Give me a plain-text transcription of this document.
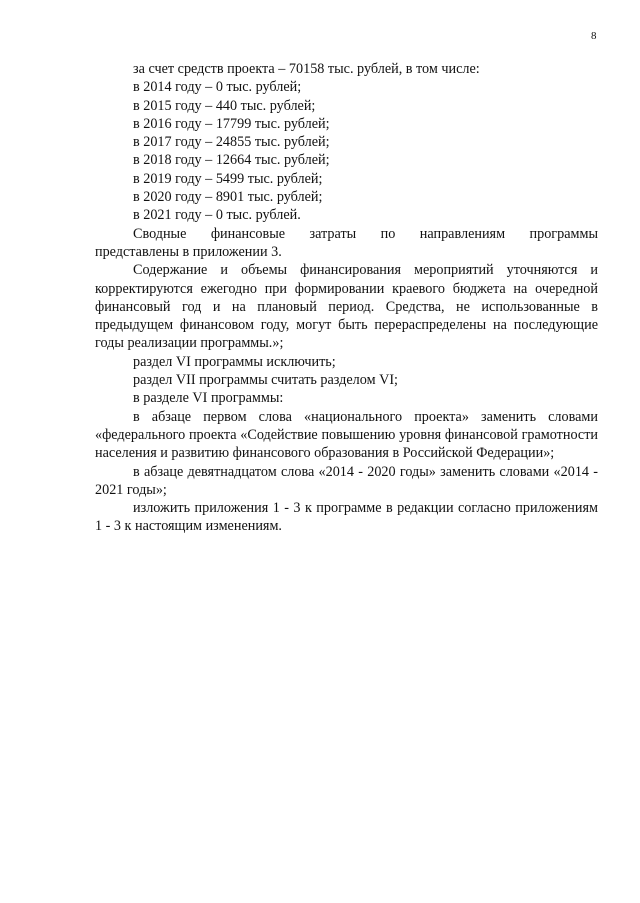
8
за счет средств проекта – 70158 тыс. рублей, в том числе:
в 2014 году – 0 тыс. рублей;
в 2015 году – 440 тыс. рублей;
в 2016 году – 17799 тыс. рублей;
в 2017 году – 24855 тыс. рублей;
в 2018 году – 12664 тыс. рублей;
в 2019 году – 5499 тыс. рублей;
в 2020 году – 8901 тыс. рублей;
в 2021 году – 0 тыс. рублей.
Сводные финансовые затраты по направлениям программы
представлены в приложении 3.
Содержание и объемы финансирования мероприятий уточняются и корректируются ежегодно при формировании краевого бюджета на очередной финансовый год и на плановый период. Средства, не использованные в предыдущем финансовом году, могут быть перераспределены на последующие годы реализации программы.»;
раздел VI программы исключить;
раздел VII программы считать разделом VI;
в разделе VI программы:
в абзаце первом слова «национального проекта» заменить словами «федерального проекта «Содействие повышению уровня финансовой грамотности населения и развитию финансового образования в Российской Федерации»;
в абзаце девятнадцатом слова «2014 - 2020 годы» заменить словами «2014 - 2021 годы»;
изложить приложения 1 - 3 к программе в редакции согласно приложениям 1 - 3 к настоящим изменениям.
